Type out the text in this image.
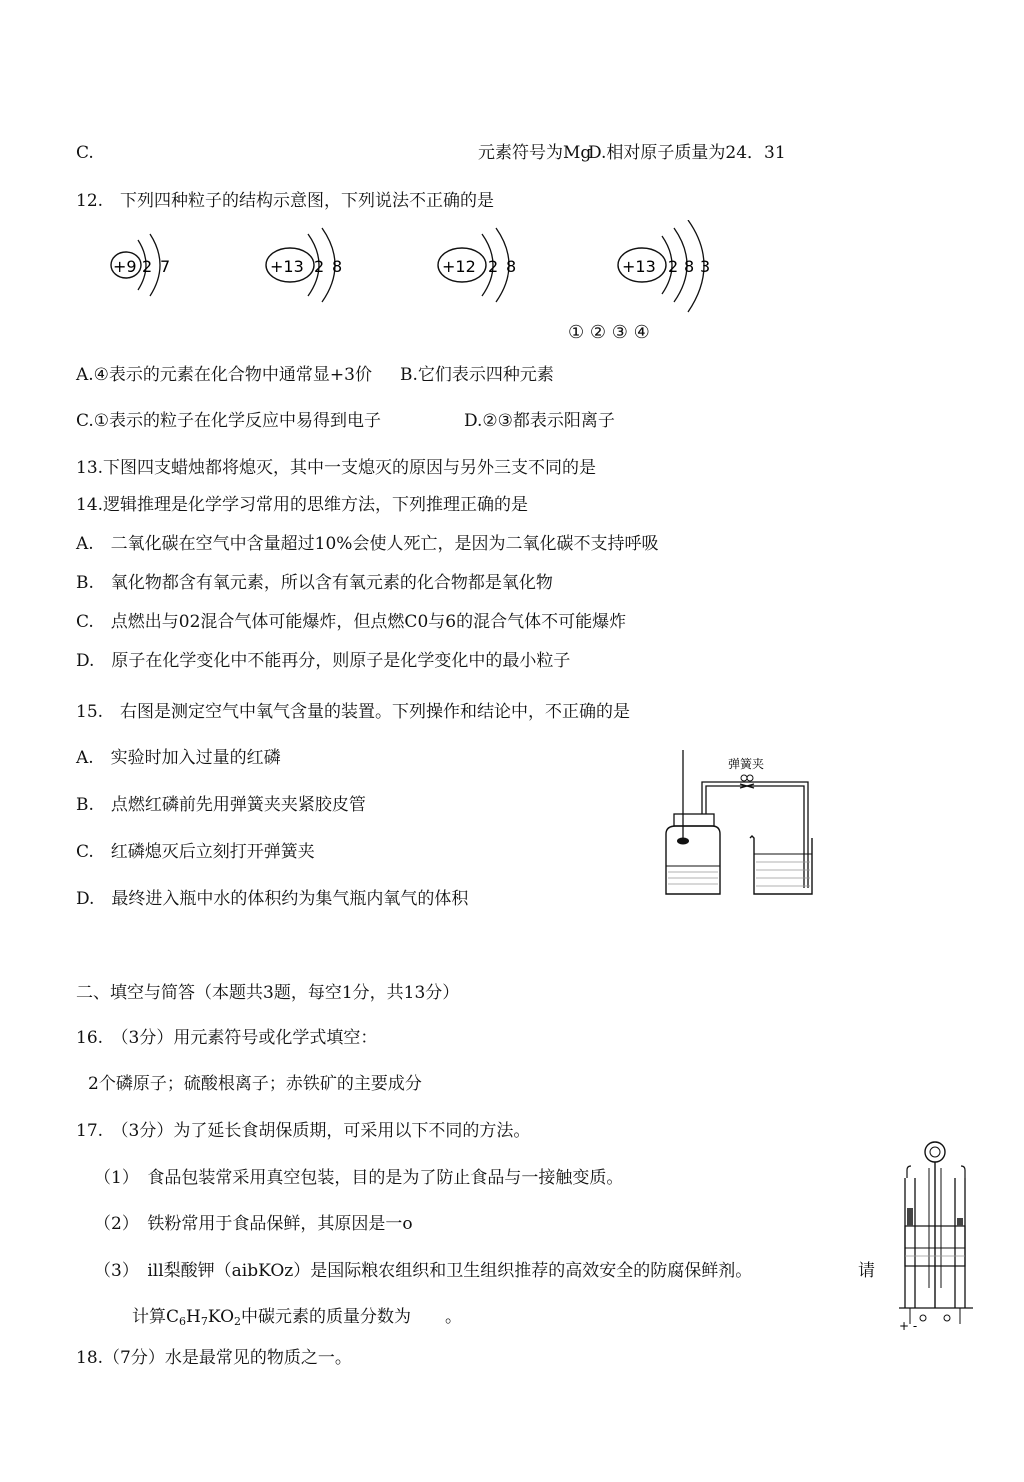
C.	元素符号为Mg
D.相对原子质量为24．31
12.　下列四种粒子的结构示意图，下列说法不正确的是
+9 2 7	+13 2 8	+12 2 8	+13 2 8 3
① ② ③ ④
A.④表示的元素在化合物中通常显+3价 B.它们表示四种元素
C.①表示的粒子在化学反应中易得到电子	D.②③都表示阳离子
13.下图四支蜡烛都将熄灭，其中一支熄灭的原因与另外三支不同的是
14.逻辑推理是化学学习常用的思维方法，下列推理正确的是
A.　二氧化碳在空气中含量超过10%会使人死亡，是因为二氧化碳不支持呼吸
B.　氧化物都含有氧元素，所以含有氧元素的化合物都是氧化物
C.　点燃出与02混合气体可能爆炸，但点燃C0与6的混合气体不可能爆炸
D.　原子在化学变化中不能再分，则原子是化学变化中的最小粒子
15.　右图是测定空气中氧气含量的装置。下列操作和结论中，不正确的是
A.　实验时加入过量的红磷
B.　点燃红磷前先用弹簧夹夹紧胶皮管
C.　红磷熄灭后立刻打开弹簧夹
D.　最终进入瓶中水的体积约为集气瓶内氧气的体积
弹簧夹
二、填空与简答（本题共3题，每空1分，共13分）
16.　（3分）用元素符号或化学式填空：
2个磷原子；硫酸根离子；赤铁矿的主要成分
17.　（3分）为了延长食胡保质期，可采用以下不同的方法。
（1）　食品包装常采用真空包装，目的是为了防止食品与一接触变质。
（2）　铁粉常用于食品保鲜，其原因是一o
（3）　ill梨酸钾（aibKOz）是国际粮农组织和卫生组织推荐的高效安全的防腐保鲜剂。	请
计算$C_6H_7KO_2$中碳元素的质量分数为　　。	+ -
18.（7分）水是最常见的物质之一。
